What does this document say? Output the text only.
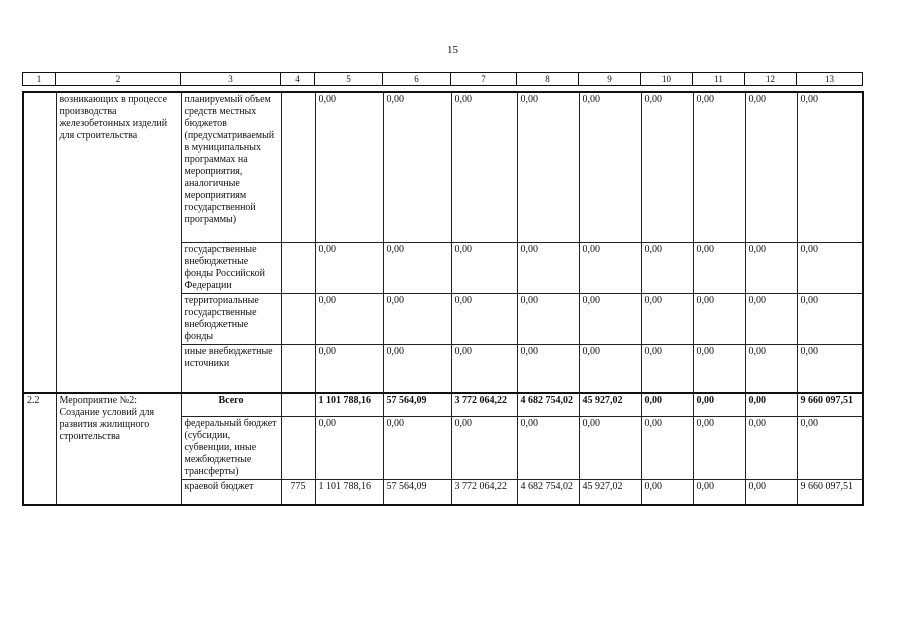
15
1	2	3	4	5	6	7	8	9	10	11	12	13
	возникающих в процессе производства железобетонных изделий для строительства	планируемый объем средств местных бюджетов (предусматриваемый в муниципальных программах на мероприятия, аналогичные мероприятиям государственной программы)		0,00	0,00	0,00	0,00	0,00	0,00	0,00	0,00	0,00
		государственные внебюджетные фонды Российской Федерации		0,00	0,00	0,00	0,00	0,00	0,00	0,00	0,00	0,00
		территориальные государственные внебюджетные фонды		0,00	0,00	0,00	0,00	0,00	0,00	0,00	0,00	0,00
		иные внебюджетные источники		0,00	0,00	0,00	0,00	0,00	0,00	0,00	0,00	0,00
2.2	Мероприятие №2: Создание условий для развития жилищного строительства	Всего		1 101 788,16	57 564,09	3 772 064,22	4 682 754,02	45 927,02	0,00	0,00	0,00	9 660 097,51
		федеральный бюджет (субсидии, субвенции, иные межбюджетные трансферты)		0,00	0,00	0,00	0,00	0,00	0,00	0,00	0,00	0,00
		краевой бюджет	775	1 101 788,16	57 564,09	3 772 064,22	4 682 754,02	45 927,02	0,00	0,00	0,00	9 660 097,51
